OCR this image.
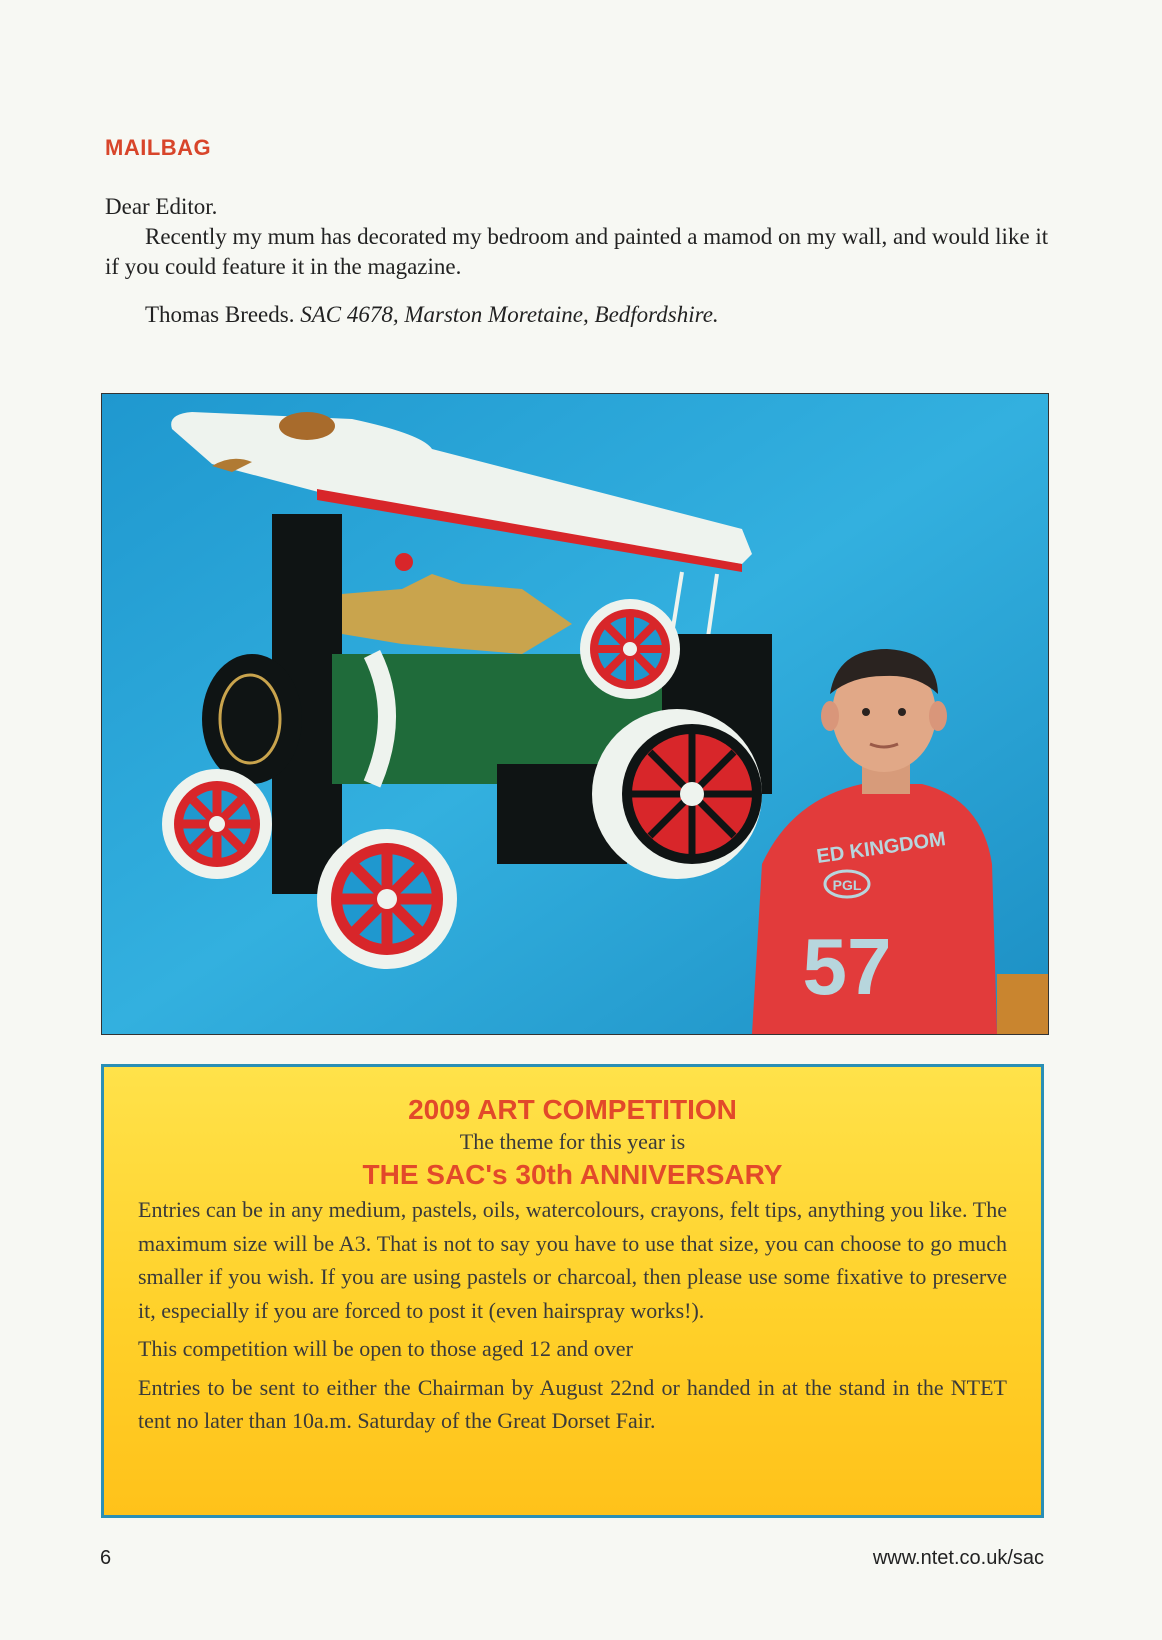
MAILBAG

Dear Editor.

Recently my mum has decorated my bedroom and painted a mamod on my wall, and would like it if you could feature it in the magazine.

Thomas Breeds. SAC 4678, Marston Moretaine, Bedfordshire.

ED KINGDOM
PGL
57

2009 ART COMPETITION

The theme for this year is

THE SAC's 30th ANNIVERSARY

Entries can be in any medium, pastels, oils, watercolours, crayons, felt tips, anything you like. The maximum size will be A3. That is not to say you have to use that size, you can choose to go much smaller if you wish. If you are using pastels or charcoal, then please use some fixative to preserve it, especially if you are forced to post it (even hairspray works!).

This competition will be open to those aged 12 and over

Entries to be sent to either the Chairman by August 22nd or handed in at the stand in the NTET tent no later than 10a.m. Saturday of the Great Dorset Fair.

6	www.ntet.co.uk/sac
